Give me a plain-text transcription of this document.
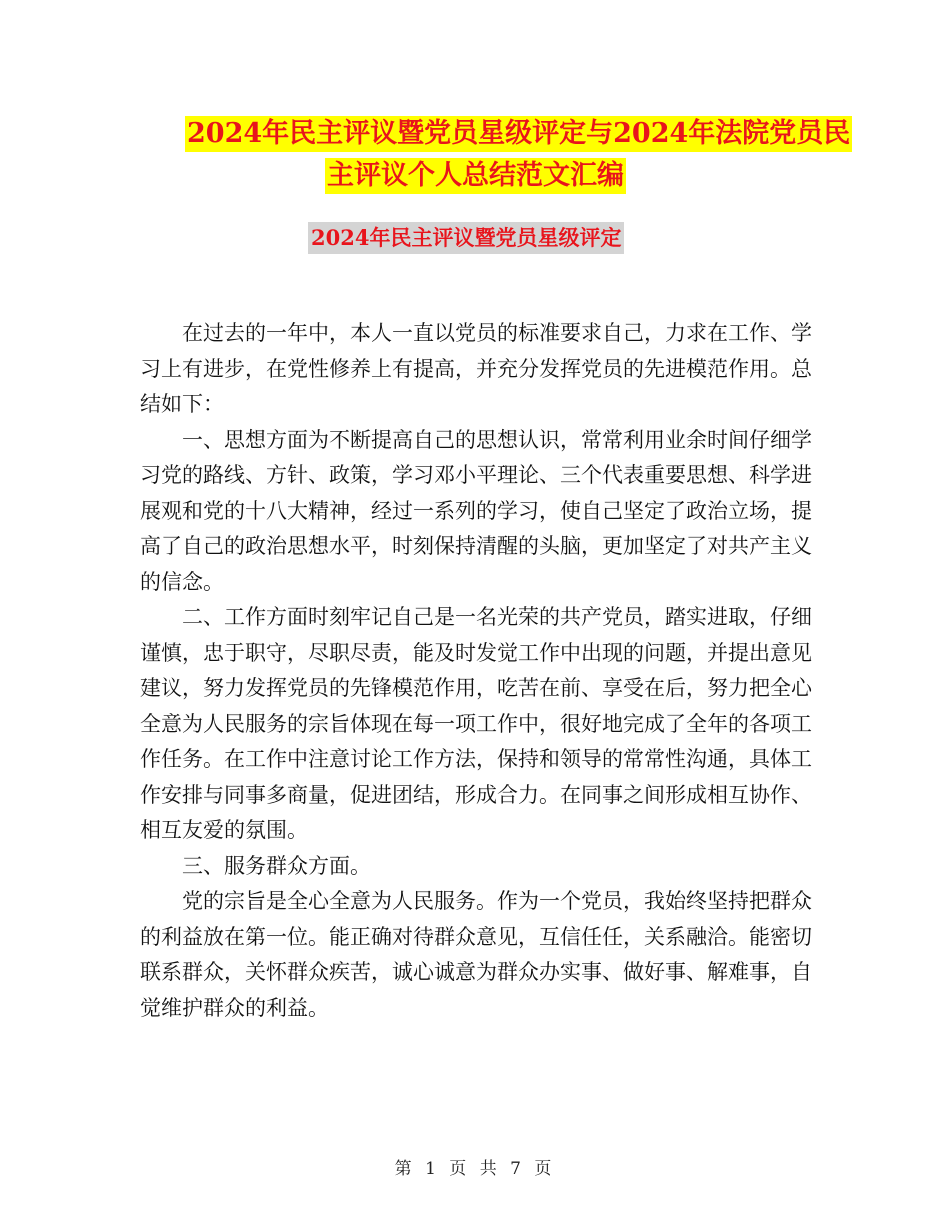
2024年民主评议暨党员星级评定与2024年法院党员民
主评议个人总结范文汇编
2024年民主评议暨党员星级评定

在过去的一年中，本人一直以党员的标准要求自己，力求在工作、学习上有进步，在党性修养上有提高，并充分发挥党员的先进模范作用。总结如下：

一、思想方面为不断提高自己的思想认识，常常利用业余时间仔细学习党的路线、方针、政策，学习邓小平理论、三个代表重要思想、科学进展观和党的十八大精神，经过一系列的学习，使自己坚定了政治立场，提高了自己的政治思想水平，时刻保持清醒的头脑，更加坚定了对共产主义的信念。

二、工作方面时刻牢记自己是一名光荣的共产党员，踏实进取，仔细谨慎，忠于职守，尽职尽责，能及时发觉工作中出现的问题，并提出意见建议，努力发挥党员的先锋模范作用，吃苦在前、享受在后，努力把全心全意为人民服务的宗旨体现在每一项工作中，很好地完成了全年的各项工作任务。在工作中注意讨论工作方法，保持和领导的常常性沟通，具体工作安排与同事多商量，促进团结，形成合力。在同事之间形成相互协作、相互友爱的氛围。

三、服务群众方面。

党的宗旨是全心全意为人民服务。作为一个党员，我始终坚持把群众的利益放在第一位。能正确对待群众意见，互信任任，关系融洽。能密切联系群众，关怀群众疾苦，诚心诚意为群众办实事、做好事、解难事，自觉维护群众的利益。

第 1 页 共 7 页
